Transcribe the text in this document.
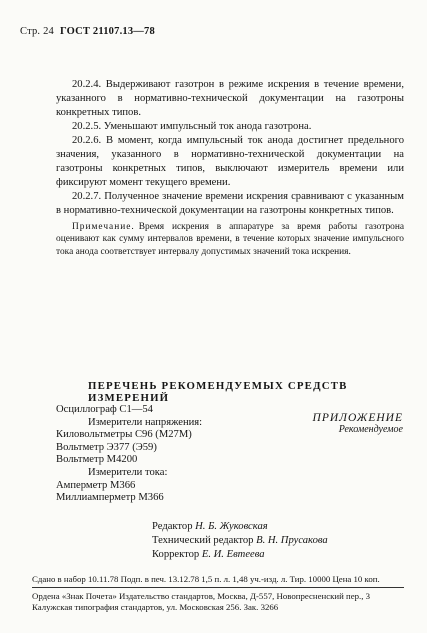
Стр. 24 ГОСТ 21107.13—78

20.2.4. Выдерживают газотрон в режиме искрения в течение времени, указанного в нормативно-технической документации на газотроны конкретных типов.

20.2.5. Уменьшают импульсный ток анода газотрона.

20.2.6. В момент, когда импульсный ток анода достигнет предельного значения, указанного в нормативно-технической документации на газотроны конкретных типов, выключают измеритель времени или фиксируют момент текущего времени.

20.2.7. Полученное значение времени искрения сравнивают с указанным в нормативно-технической документации на газотроны конкретных типов.

Примечание. Время искрения в аппаратуре за время работы газотрона оценивают как сумму интервалов времени, в течение которых значение импульсного тока анода соответствует интервалу допустимых значений тока искрения.
ПРИЛОЖЕНИЕ
Рекомендуемое
ПЕРЕЧЕНЬ РЕКОМЕНДУЕМЫХ СРЕДСТВ ИЗМЕРЕНИЙ
Осциллограф С1—54
Измерители напряжения:
Киловольтметры С96 (М27М)
Вольтметр Э377 (Э59)
Вольтметр М4200
Измерители тока:
Амперметр М366
Миллиамперметр М366
Редактор Н. Б. Жуковская
Технический редактор В. Н. Прусакова
Корректор Е. И. Евтеева
Сдано в набор 10.11.78 Подп. в печ. 13.12.78 1,5 п. л. 1,48 уч.-изд. л. Тир. 10000 Цена 10 коп.
Ордена «Знак Почета» Издательство стандартов, Москва, Д-557, Новопресненский пер., 3
Калужская типография стандартов, ул. Московская 256. Зак. 3266
